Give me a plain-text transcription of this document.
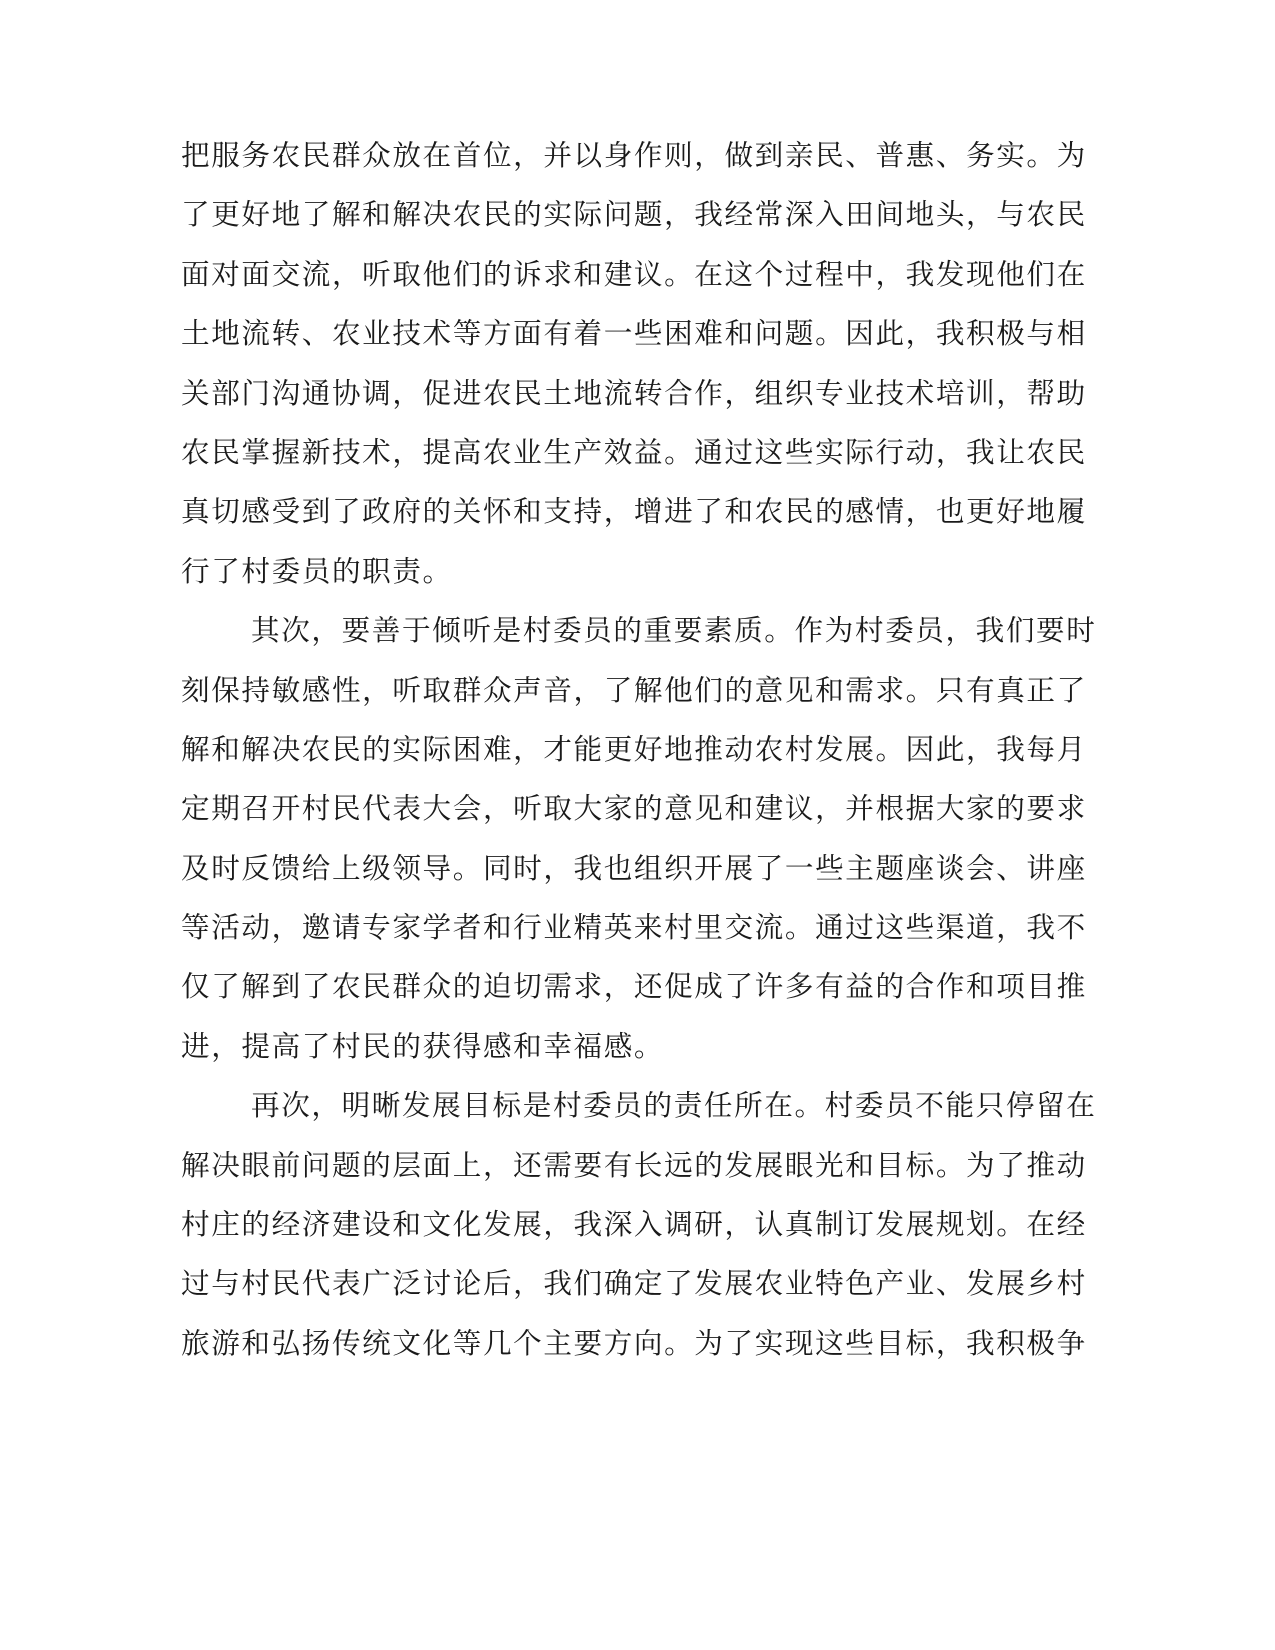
把服务农民群众放在首位，并以身作则，做到亲民、普惠、务实。为
了更好地了解和解决农民的实际问题，我经常深入田间地头，与农民
面对面交流，听取他们的诉求和建议。在这个过程中，我发现他们在
土地流转、农业技术等方面有着一些困难和问题。因此，我积极与相
关部门沟通协调，促进农民土地流转合作，组织专业技术培训，帮助
农民掌握新技术，提高农业生产效益。通过这些实际行动，我让农民
真切感受到了政府的关怀和支持，增进了和农民的感情，也更好地履
行了村委员的职责。
其次，要善于倾听是村委员的重要素质。作为村委员，我们要时
刻保持敏感性，听取群众声音，了解他们的意见和需求。只有真正了
解和解决农民的实际困难，才能更好地推动农村发展。因此，我每月
定期召开村民代表大会，听取大家的意见和建议，并根据大家的要求
及时反馈给上级领导。同时，我也组织开展了一些主题座谈会、讲座
等活动，邀请专家学者和行业精英来村里交流。通过这些渠道，我不
仅了解到了农民群众的迫切需求，还促成了许多有益的合作和项目推
进，提高了村民的获得感和幸福感。
再次，明晰发展目标是村委员的责任所在。村委员不能只停留在
解决眼前问题的层面上，还需要有长远的发展眼光和目标。为了推动
村庄的经济建设和文化发展，我深入调研，认真制订发展规划。在经
过与村民代表广泛讨论后，我们确定了发展农业特色产业、发展乡村
旅游和弘扬传统文化等几个主要方向。为了实现这些目标，我积极争
